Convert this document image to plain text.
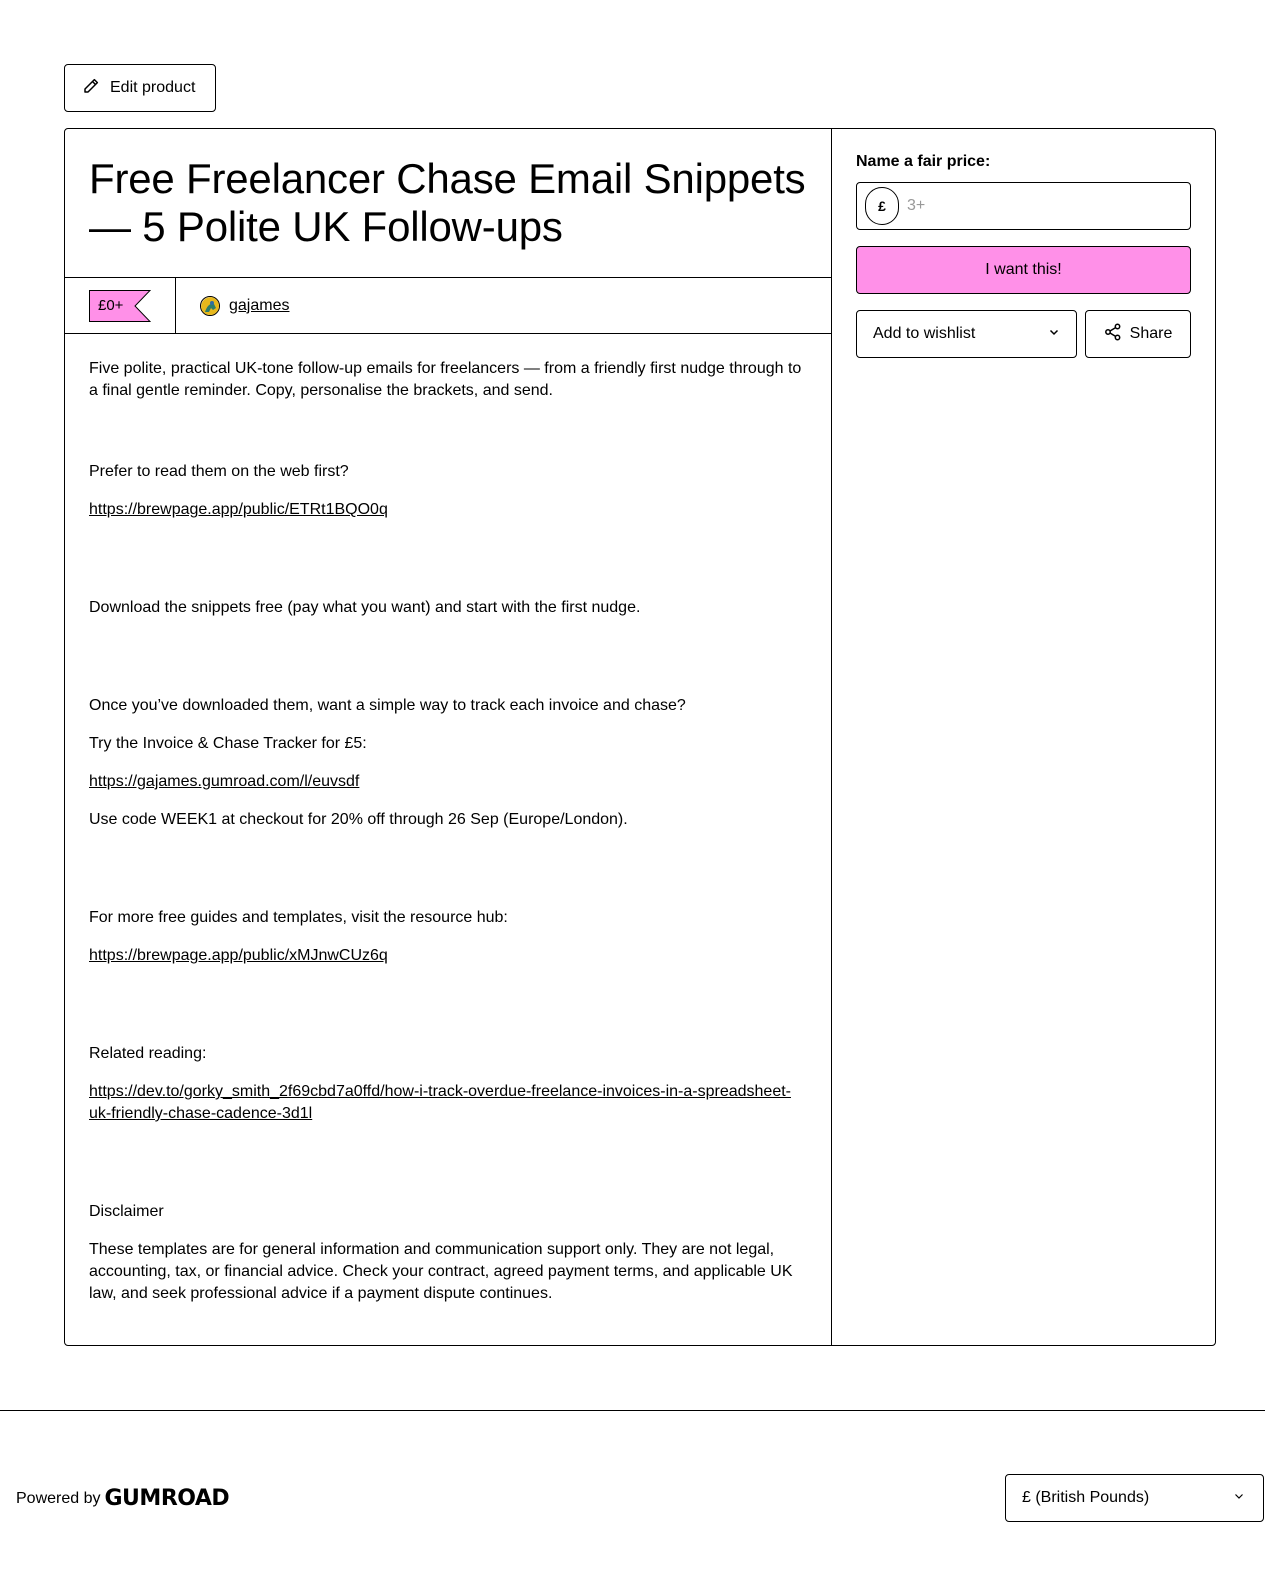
Edit product
Free Freelancer Chase Email Snippets — 5 Polite UK Follow-ups
£0+	gajames

Five polite, practical UK-tone follow-up emails for freelancers — from a friendly first nudge through to a final gentle reminder. Copy, personalise the brackets, and send.

Prefer to read them on the web first?

https://brewpage.app/public/ETRt1BQO0q

Download the snippets free (pay what you want) and start with the first nudge.

Once you’ve downloaded them, want a simple way to track each invoice and chase?

Try the Invoice & Chase Tracker for £5:

https://gajames.gumroad.com/l/euvsdf

Use code WEEK1 at checkout for 20% off through 26 Sep (Europe/London).

For more free guides and templates, visit the resource hub:

https://brewpage.app/public/xMJnwCUz6q

Related reading:

https://dev.to/gorky_smith_2f69cbd7a0ffd/how-i-track-overdue-freelance-invoices-in-a-spreadsheet-uk-friendly-chase-cadence-3d1l

Disclaimer

These templates are for general information and communication support only. They are not legal, accounting, tax, or financial advice. Check your contract, agreed payment terms, and applicable UK law, and seek professional advice if a payment dispute continues.

Name a fair price:
£
3+
I want this!
Add to wishlist	Share
Powered by GUMROAD	£ (British Pounds)
